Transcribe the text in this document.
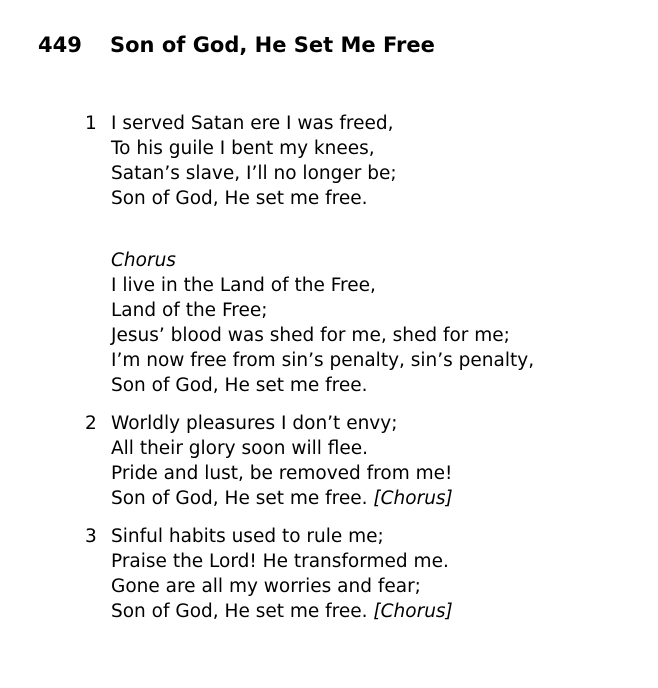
449	Son of God, He Set Me Free
1 I served Satan ere I was freed,
To his guile I bent my knees,
Satan’s slave, I’ll no longer be;
Son of God, He set me free.
Chorus
I live in the Land of the Free,
Land of the Free;
Jesus’ blood was shed for me, shed for me;
I’m now free from sin’s penalty, sin’s penalty,
Son of God, He set me free.
2 Worldly pleasures I don’t envy;
All their glory soon will flee.
Pride and lust, be removed from me!
Son of God, He set me free. [Chorus]
3 Sinful habits used to rule me;
Praise the Lord! He transformed me.
Gone are all my worries and fear;
Son of God, He set me free. [Chorus]
